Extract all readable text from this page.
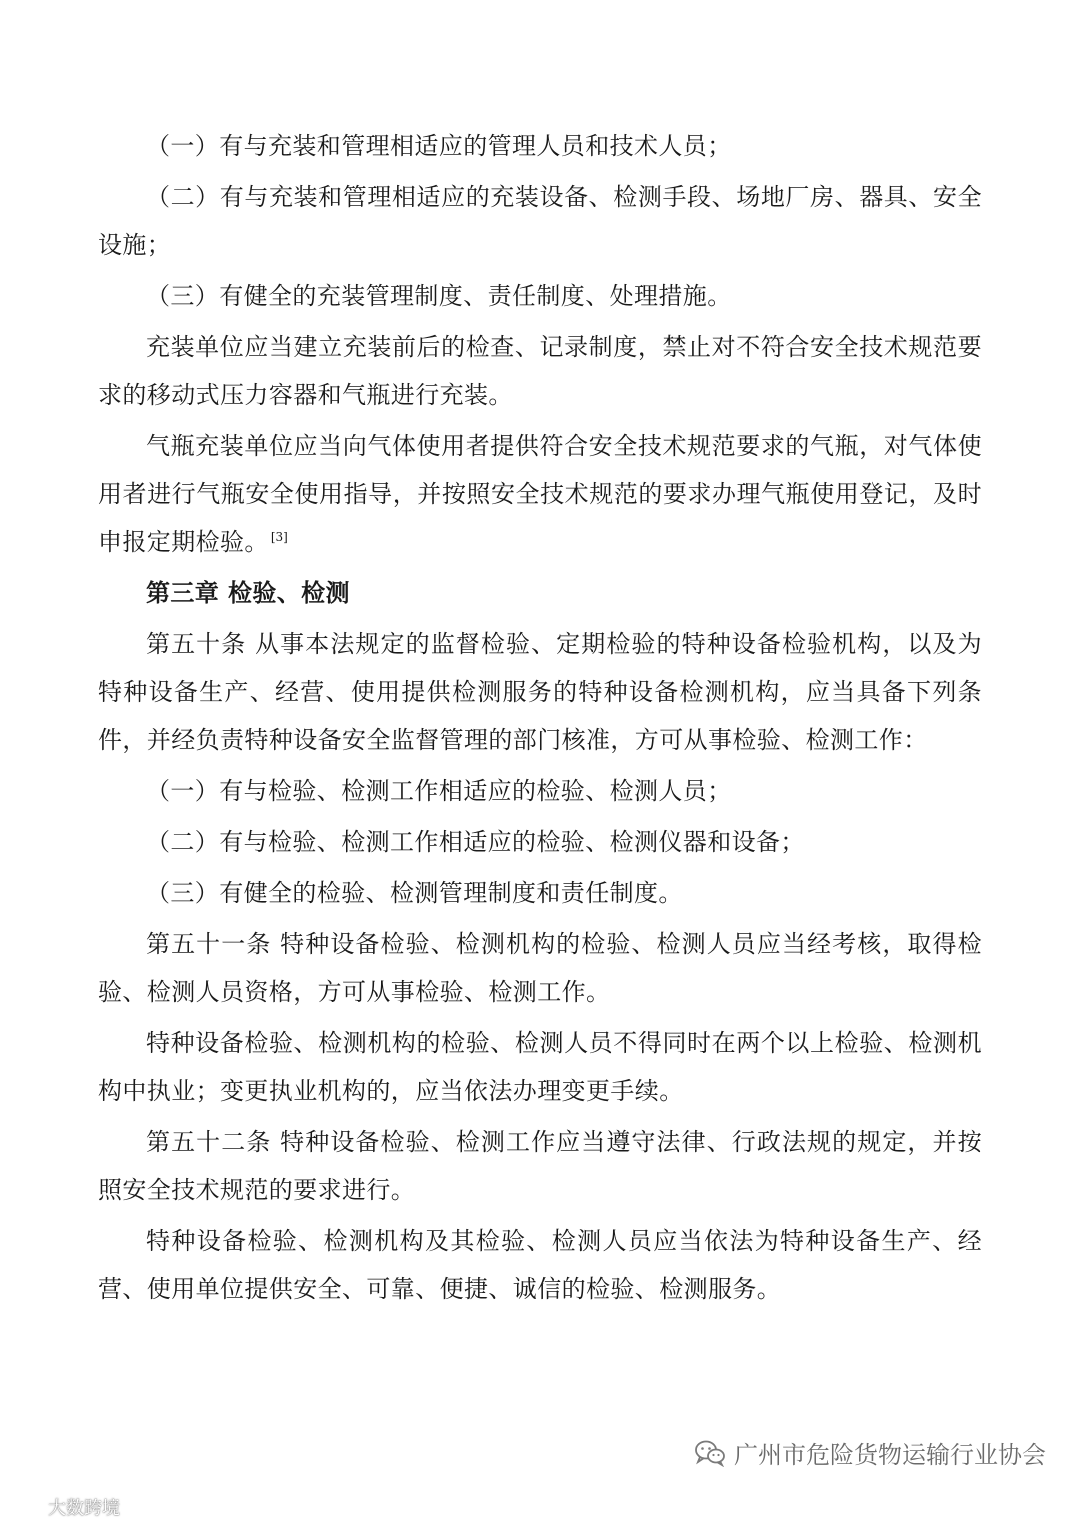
（一）有与充装和管理相适应的管理人员和技术人员；

（二）有与充装和管理相适应的充装设备、检测手段、场地厂房、器具、安全设施；

（三）有健全的充装管理制度、责任制度、处理措施。

充装单位应当建立充装前后的检查、记录制度，禁止对不符合安全技术规范要求的移动式压力容器和气瓶进行充装。

气瓶充装单位应当向气体使用者提供符合安全技术规范要求的气瓶，对气体使用者进行气瓶安全使用指导，并按照安全技术规范的要求办理气瓶使用登记，及时申报定期检验。 [3]

第三章 检验、检测

第五十条 从事本法规定的监督检验、定期检验的特种设备检验机构，以及为特种设备生产、经营、使用提供检测服务的特种设备检测机构，应当具备下列条件，并经负责特种设备安全监督管理的部门核准，方可从事检验、检测工作：

（一）有与检验、检测工作相适应的检验、检测人员；

（二）有与检验、检测工作相适应的检验、检测仪器和设备；

（三）有健全的检验、检测管理制度和责任制度。

第五十一条 特种设备检验、检测机构的检验、检测人员应当经考核，取得检验、检测人员资格，方可从事检验、检测工作。

特种设备检验、检测机构的检验、检测人员不得同时在两个以上检验、检测机构中执业；变更执业机构的，应当依法办理变更手续。

第五十二条 特种设备检验、检测工作应当遵守法律、行政法规的规定，并按照安全技术规范的要求进行。

特种设备检验、检测机构及其检验、检测人员应当依法为特种设备生产、经营、使用单位提供安全、可靠、便捷、诚信的检验、检测服务。

广州市危险货物运输行业协会
大数跨境
